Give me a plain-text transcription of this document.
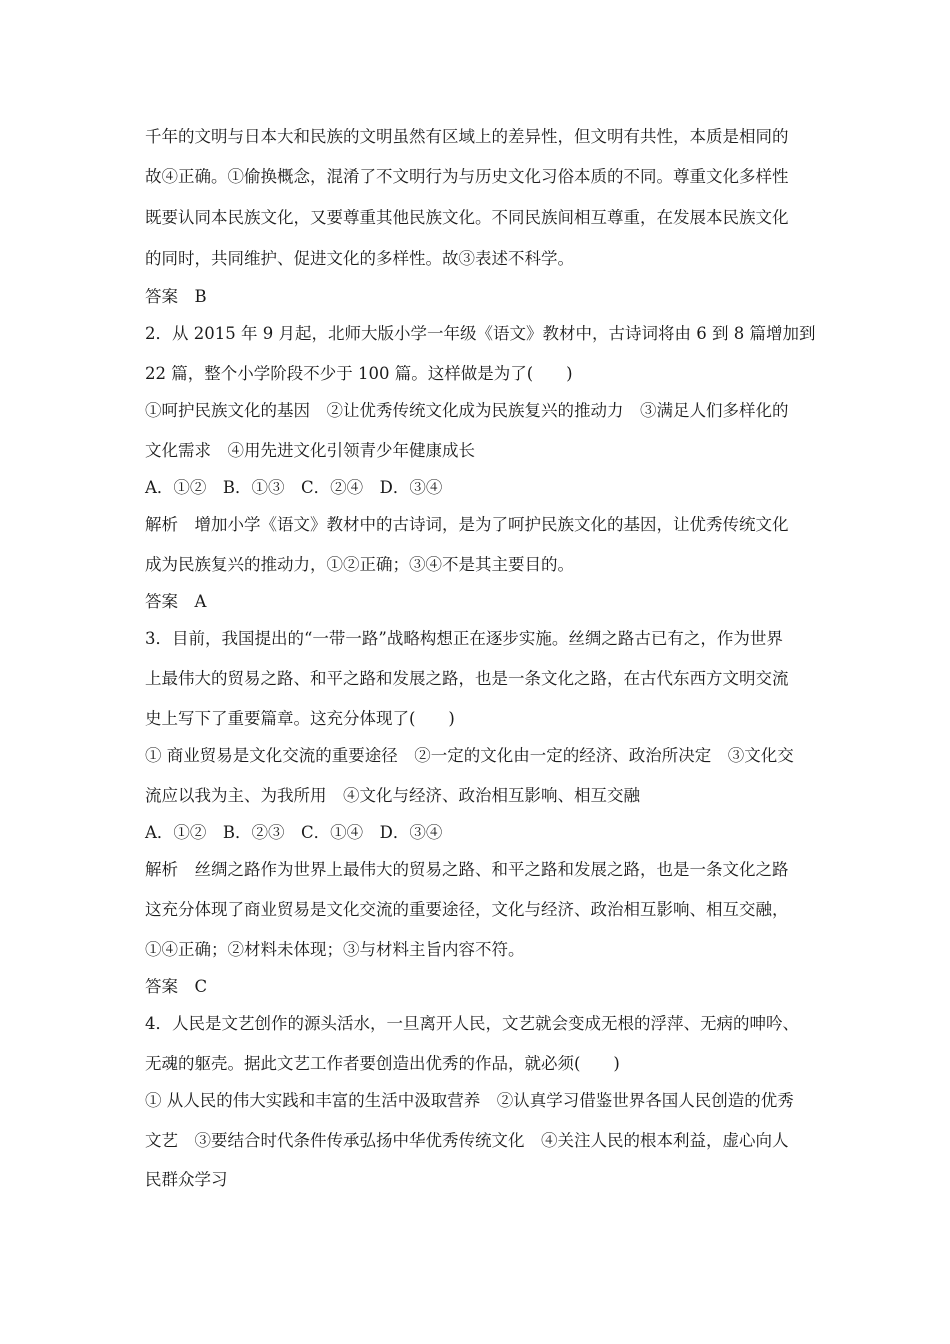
千年的文明与日本大和民族的文明虽然有区域上的差异性，但文明有共性，本质是相同的
故④正确。①偷换概念，混淆了不文明行为与历史文化习俗本质的不同。尊重文化多样性
既要认同本民族文化，又要尊重其他民族文化。不同民族间相互尊重，在发展本民族文化
的同时，共同维护、促进文化的多样性。故③表述不科学。
答案　B
2．从 2015 年 9 月起，北师大版小学一年级《语文》教材中，古诗词将由 6 到 8 篇增加到
22 篇，整个小学阶段不少于 100 篇。这样做是为了(　　)
①呵护民族文化的基因　②让优秀传统文化成为民族复兴的推动力　③满足人们多样化的
文化需求　④用先进文化引领青少年健康成长
A．①②　B．①③　C．②④　D．③④
解析　增加小学《语文》教材中的古诗词，是为了呵护民族文化的基因，让优秀传统文化
成为民族复兴的推动力，①②正确；③④不是其主要目的。
答案　A
3．目前，我国提出的“一带一路”战略构想正在逐步实施。丝绸之路古已有之，作为世界
上最伟大的贸易之路、和平之路和发展之路，也是一条文化之路，在古代东西方文明交流
史上写下了重要篇章。这充分体现了(　　)
① 商业贸易是文化交流的重要途径　②一定的文化由一定的经济、政治所决定　③文化交
流应以我为主、为我所用　④文化与经济、政治相互影响、相互交融
A．①②　B．②③　C．①④　D．③④
解析　丝绸之路作为世界上最伟大的贸易之路、和平之路和发展之路，也是一条文化之路
这充分体现了商业贸易是文化交流的重要途径，文化与经济、政治相互影响、相互交融，
①④正确；②材料未体现；③与材料主旨内容不符。
答案　C
4．人民是文艺创作的源头活水，一旦离开人民，文艺就会变成无根的浮萍、无病的呻吟、
无魂的躯壳。据此文艺工作者要创造出优秀的作品，就必须(　　)
① 从人民的伟大实践和丰富的生活中汲取营养　②认真学习借鉴世界各国人民创造的优秀
文艺　③要结合时代条件传承弘扬中华优秀传统文化　④关注人民的根本利益，虚心向人
民群众学习
